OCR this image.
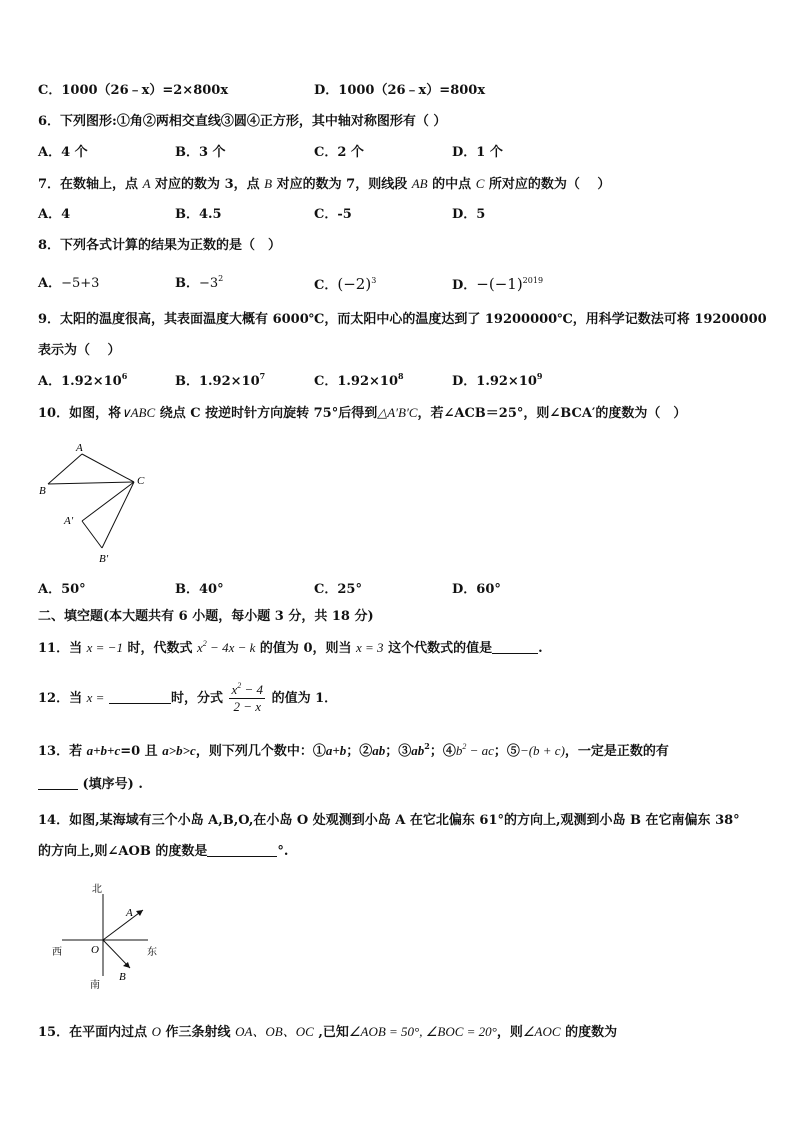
C．1000（26﹣x）=2×800x	D．1000（26﹣x）=800x
6．下列图形:①角②两相交直线③圆④正方形，其中轴对称图形有（ ）
A．4 个	B．3 个	C．2 个	D．1 个
7．在数轴上，点 A 对应的数为 3，点 B 对应的数为 7，则线段 AB 的中点 C 所对应的数为（　 ）
A．4	B．4.5	C．-5	D．5
8．下列各式计算的结果为正数的是（　）
A．−5+3	B．$-3^2$	C．$(-2)^3$	D．$-(-1)^{2019}$
9．太阳的温度很高，其表面温度大概有 6000℃，而太阳中心的温度达到了 19200000℃，用科学记数法可将 19200000
表示为（　 ）
A．$1.92\times 10^6$	B．$1.92\times 10^7$	C．$1.92\times 10^8$	D．$1.92\times 10^9$
10．如图，将∨ABC 绕点 C 按逆时针方向旋转 75°后得到△A′B′C，若∠ACB＝25°，则∠BCA′的度数为（　）
A
B
C
A′
B′
A．50°	B．40°	C．25°	D．60°
二、填空题(本大题共有 6 小题，每小题 3 分，共 18 分)
11．当 x = −1 时，代数式 $x^2 - 4x - k$ 的值为 0，则当 x = 3 这个代数式的值是	.
12．当 x =	时，分式 $\frac{x^2 - 4}{2 - x}$ 的值为 1．
13．若 a+b+c=0 且 a>b>c，则下列几个数中：①a+b；②ab；$③ab^2$；$④b^2$ − ac；⑤−(b + c)，一定是正数的有
(填序号) .
14．如图,某海域有三个小岛 A,B,O,在小岛 O 处观测到小岛 A 在它北偏东 61°的方向上,观测到小岛 B 在它南偏东 38°
的方向上,则∠AOB 的度数是	°.
北
南
西	东
O
A
B
15．在平面内过点 O 作三条射线 OA、OB、OC ,已知∠AOB = 50°, ∠BOC = 20°，则∠AOC 的度数为
